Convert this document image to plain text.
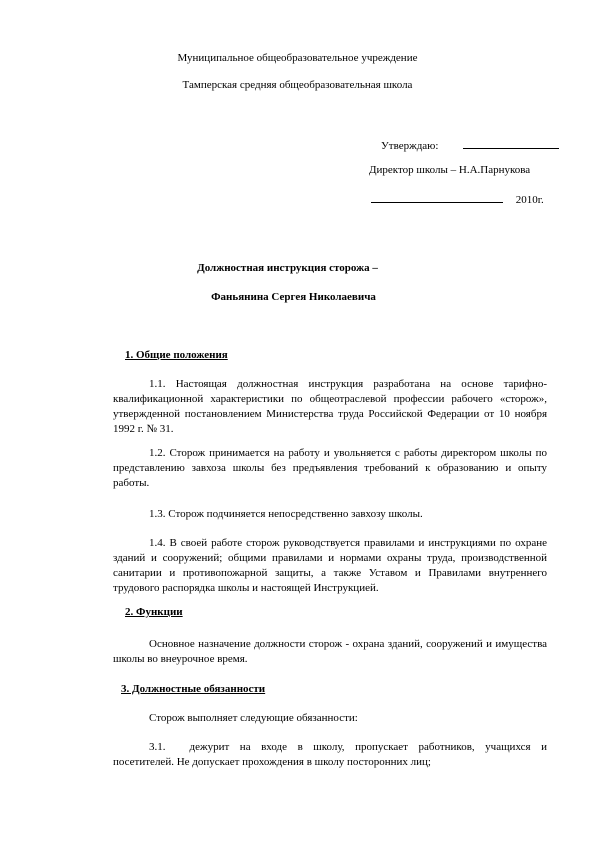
Муниципальное общеобразовательное учреждение
Тамперская средняя общеобразовательная школа
Утверждаю:
Директор школы – Н.А.Парнукова
2010г.
Должностная инструкция сторожа –
Фаньянина Сергея Николаевича
1. Общие положения
1.1. Настоящая должностная инструкция разработана на основе тарифно-квалификационной характеристики по общеотраслевой профессии рабочего «сторож», утвержденной постановлением Министерства труда Российской Федерации от 10 ноября 1992 г. № 31.
1.2. Сторож принимается на работу и увольняется с работы директором школы по представлению завхоза школы без предъявления требований к образованию и опыту работы.
1.3. Сторож подчиняется непосредственно завхозу школы.
1.4. В своей работе сторож руководствуется правилами и инструкциями по охране зданий и сооружений; общими правилами и нормами охраны труда, производственной санитарии и противопожарной защиты, а также Уставом и Правилами внутреннего трудового распорядка школы и настоящей Инструкцией.
2. Функции
Основное назначение должности сторож - охрана зданий, сооружений и имущества школы во внеурочное время.
3. Должностные обязанности
Сторож выполняет следующие обязанности:
3.1. дежурит на входе в школу, пропускает работников, учащихся и посетителей. Не допускает прохождения в школу посторонних лиц;
